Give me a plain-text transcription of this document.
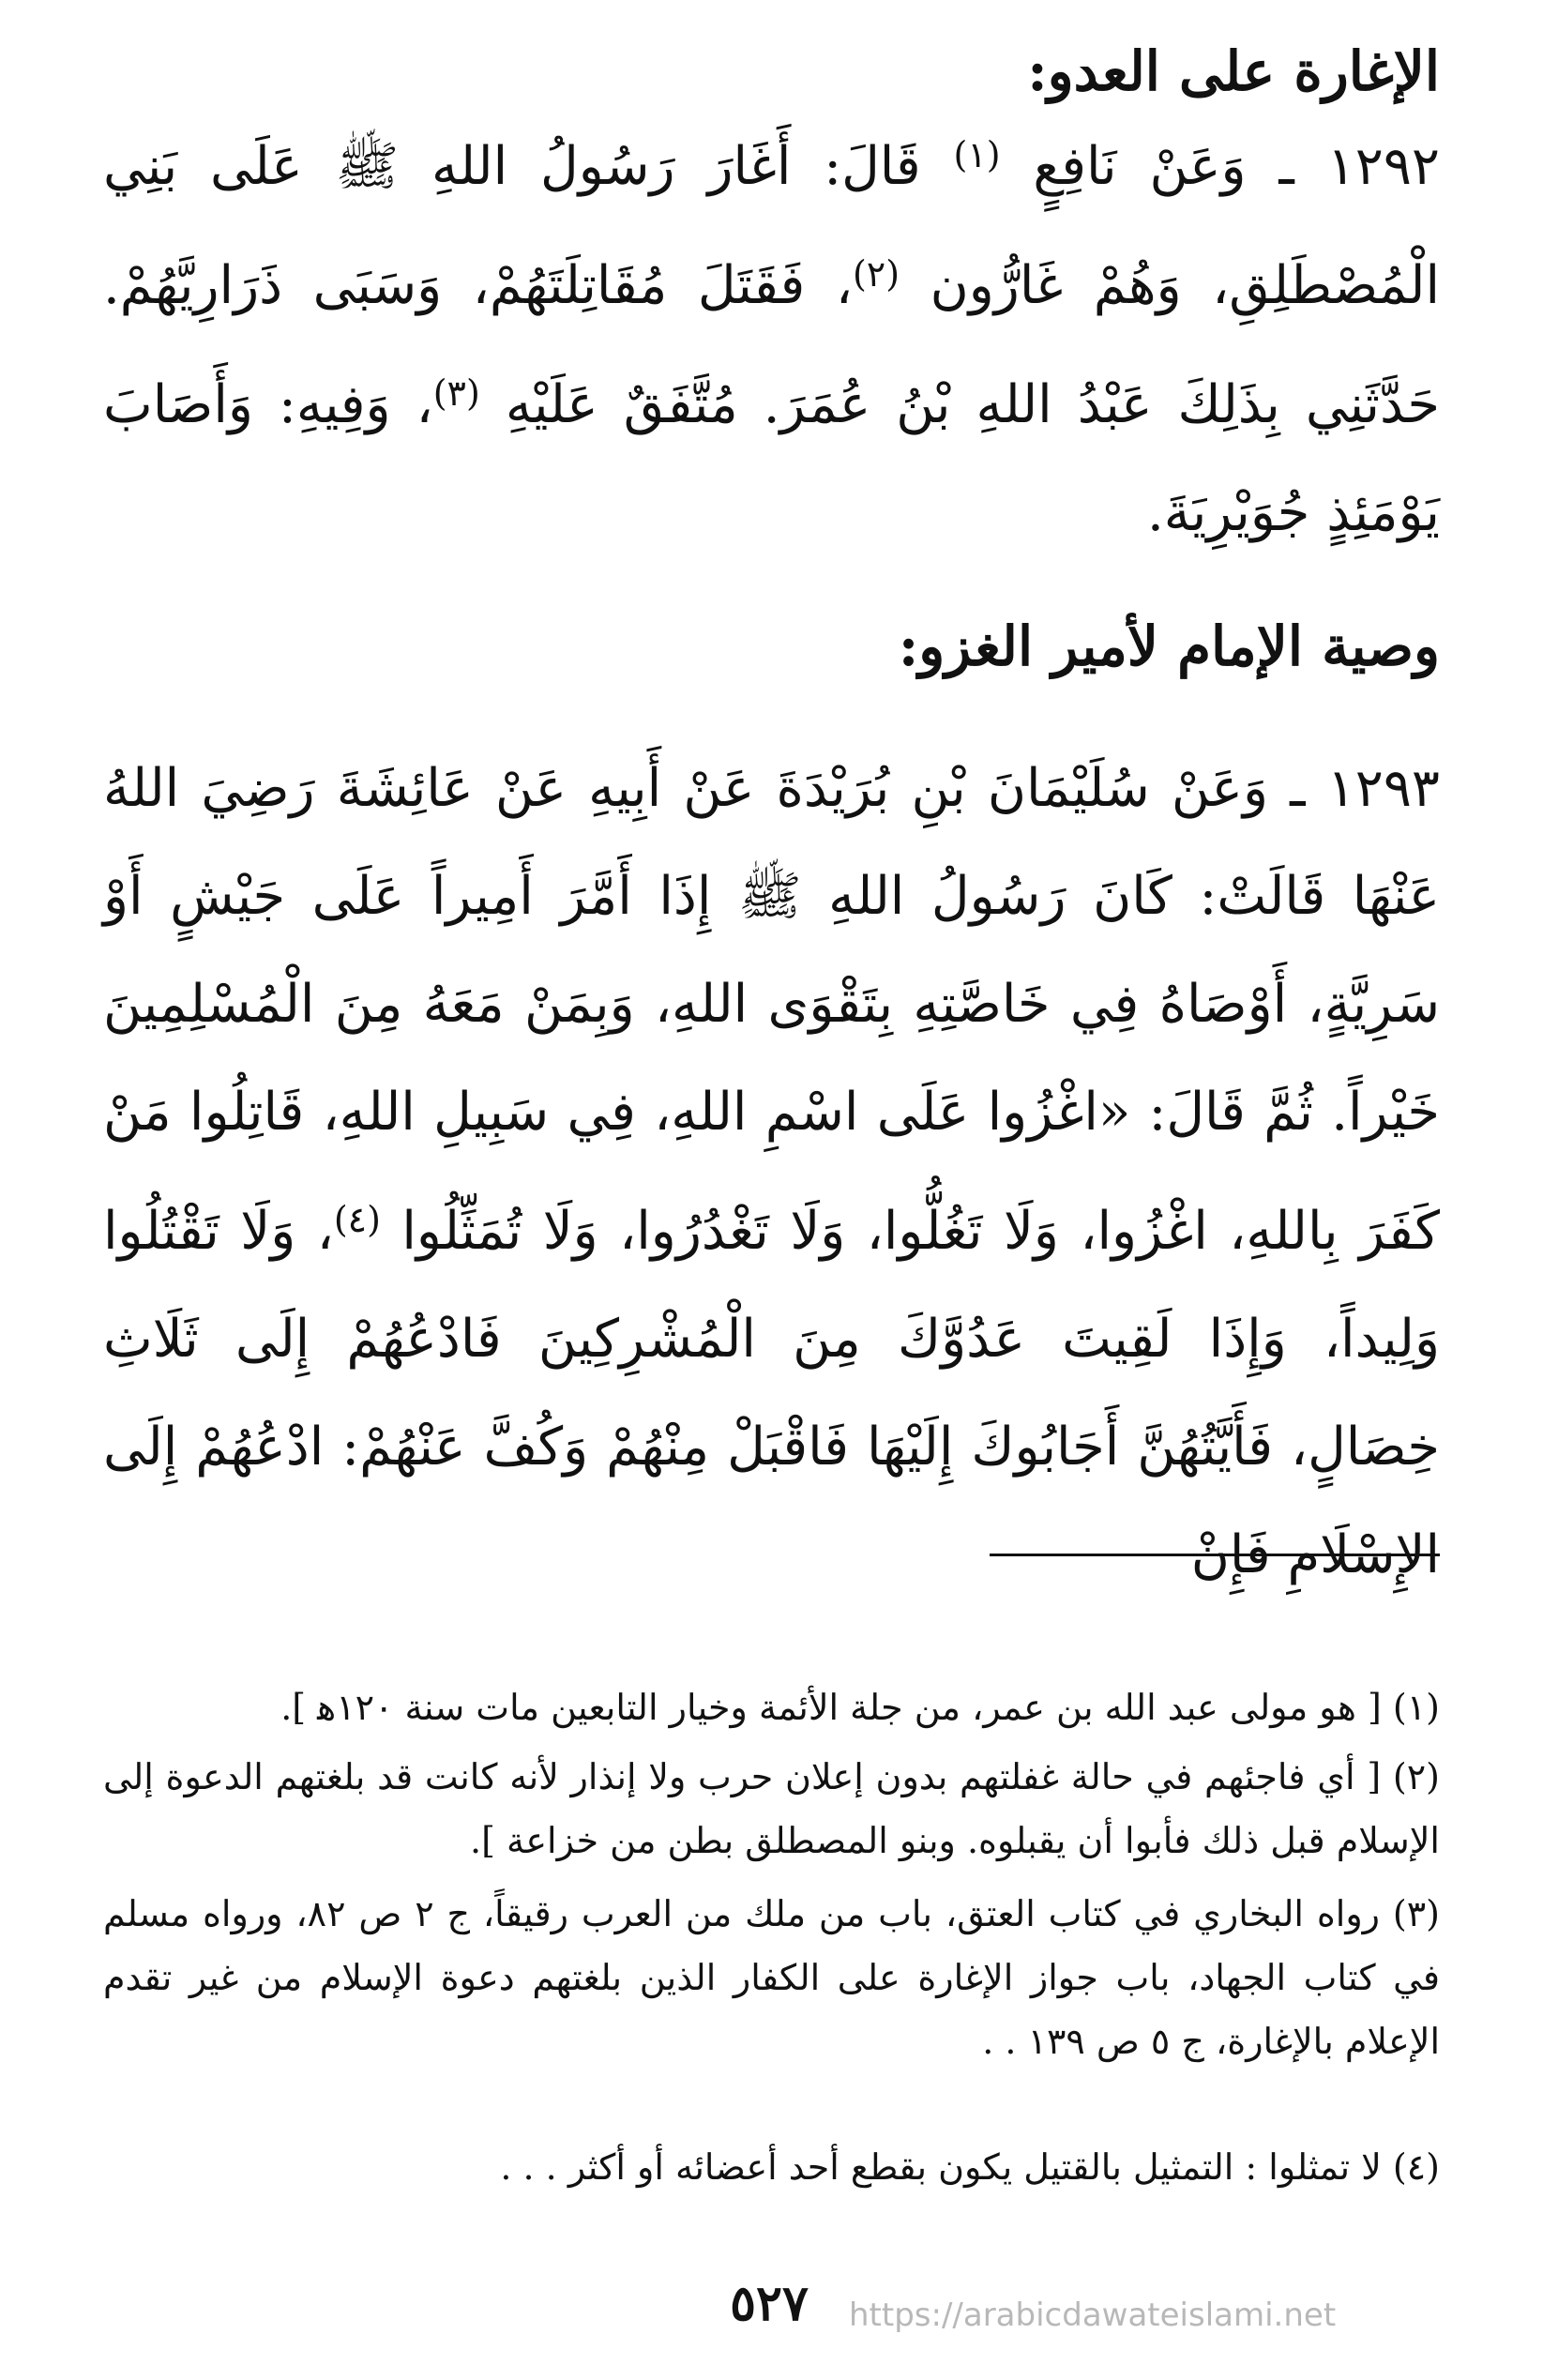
الإغارة على العدو:
١٢٩٢ ـ وَعَنْ نَافِعٍ $^{(١)}$ قَالَ: أَغَارَ رَسُولُ اللهِ ﷺ عَلَى بَنِي الْمُصْطَلِقِ، وَهُمْ غَارُّون $^{(٢)}$، فَقَتَلَ مُقَاتِلَتَهُمْ، وَسَبَى ذَرَارِيَّهُمْ. حَدَّثَنِي بِذَلِكَ عَبْدُ اللهِ بْنُ عُمَرَ. مُتَّفَقٌ عَلَيْهِ $^{(٣)}$، وَفِيهِ: وَأَصَابَ يَوْمَئِذٍ جُوَيْرِيَةَ.
وصية الإمام لأمير الغزو:
١٢٩٣ ـ وَعَنْ سُلَيْمَانَ بْنِ بُرَيْدَةَ عَنْ أَبِيهِ عَنْ عَائِشَةَ رَضِيَ اللهُ عَنْهَا قَالَتْ: كَانَ رَسُولُ اللهِ ﷺ إِذَا أَمَّرَ أَمِيراً عَلَى جَيْشٍ أَوْ سَرِيَّةٍ، أَوْصَاهُ فِي خَاصَّتِهِ بِتَقْوَى اللهِ، وَبِمَنْ مَعَهُ مِنَ الْمُسْلِمِينَ خَيْراً. ثُمَّ قَالَ: «اغْزُوا عَلَى اسْمِ اللهِ، فِي سَبِيلِ اللهِ، قَاتِلُوا مَنْ كَفَرَ بِاللهِ، اغْزُوا، وَلَا تَغُلُّوا، وَلَا تَغْدُرُوا، وَلَا تُمَثِّلُوا $^{(٤)}$، وَلَا تَقْتُلُوا وَلِيداً، وَإِذَا لَقِيتَ عَدُوَّكَ مِنَ الْمُشْرِكِينَ فَادْعُهُمْ إِلَى ثَلَاثِ خِصَالٍ، فَأَيَّتُهُنَّ أَجَابُوكَ إِلَيْهَا فَاقْبَلْ مِنْهُمْ وَكُفَّ عَنْهُمْ: ادْعُهُمْ إِلَى الإِسْلَامِ فَإِنْ
(١) [ هو مولى عبد الله بن عمر، من جلة الأئمة وخيار التابعين مات سنة ١٢٠ه‍ ].
(٢) [ أي فاجئهم في حالة غفلتهم بدون إعلان حرب ولا إنذار لأنه كانت قد بلغتهم الدعوة إلى الإسلام قبل ذلك فأبوا أن يقبلوه. وبنو المصطلق بطن من خزاعة ].
(٣) رواه البخاري في كتاب العتق، باب من ملك من العرب رقيقاً، ج ٢ ص ٨٢، ورواه مسلم في كتاب الجهاد، باب جواز الإغارة على الكفار الذين بلغتهم دعوة الإسلام من غير تقدم الإعلام بالإغارة، ج ٥ ص ١٣٩ . .
(٤) لا تمثلوا : التمثيل بالقتيل يكون بقطع أحد أعضائه أو أكثر . . .
٥٢٧	https://arabicdawateislami.net
